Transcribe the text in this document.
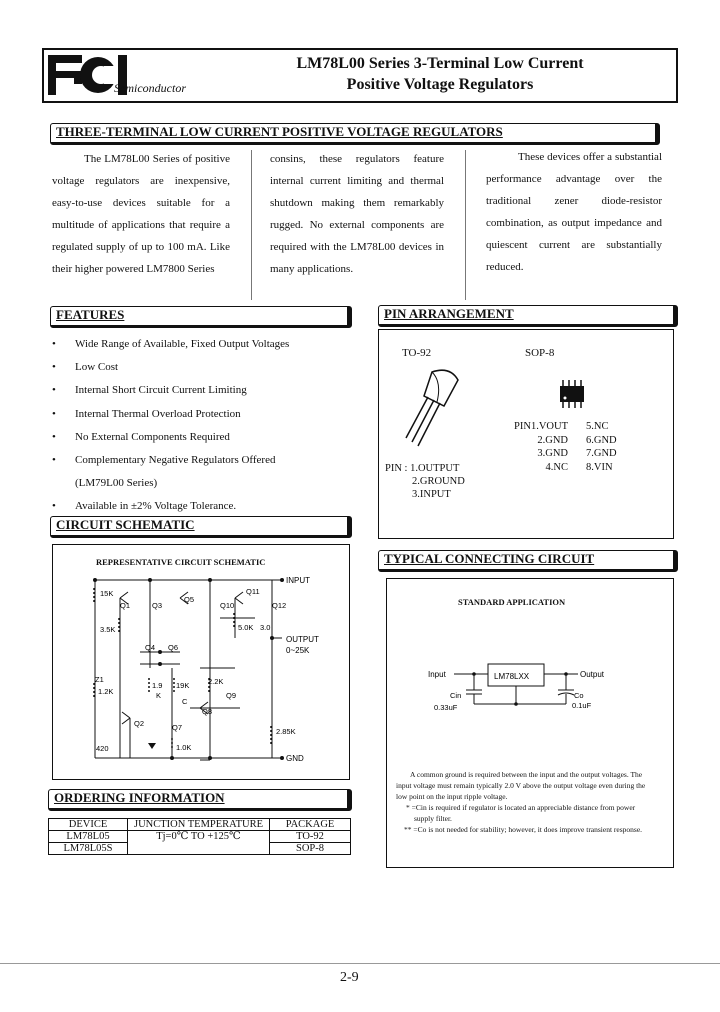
Semiconductor
LM78L00 Series 3-Terminal Low Current
Positive Voltage Regulators
THREE-TERMINAL LOW CURRENT POSITIVE VOLTAGE REGULATORS

The LM78L00 Series of positive voltage regulators are inexpensive, easy-to-use devices suitable for a multitude of applications that require a regulated supply of up to 100 mA. Like their higher powered LM7800 Series

consins, these regulators feature internal current limiting and thermal shutdown making them remarkably rugged. No external components are required with the LM78L00 devices in many applications.

These devices offer a substantial performance advantage over the traditional zener diode-resistor combination, as output impedance and quiescent current are substantially reduced.

FEATURES
• Wide Range of Available, Fixed Output Voltages
• Low Cost
• Internal Short Circuit Current Limiting
• Internal Thermal Overload Protection
• No External Components Required
• Complementary Negative Regulators Offered
(LM79L00 Series)
• Available in ±2% Voltage Tolerance.
PIN ARRANGEMENT
TO-92	SOP-8
PIN : 1.OUTPUT
2.GROUND
3.INPUT
PIN1.VOUT
2.GND
3.GND
4.NC
5.NC
6.GND
7.GND
8.VIN
CIRCUIT SCHEMATIC
REPRESENTATIVE CIRCUIT SCHEMATIC
INPUT
OUTPUT
0~25K
GND
15K
Q1
3.5K
Q3
Q5
Q10
Q11
Q12
5.0K 3.0
Q4 Q6
Z1
1.2K
1.9
K
19K 2.2K
Q9
C
Q8
Q2	Q7
420	1.0K
2.85K
TYPICAL CONNECTING CIRCUIT
STANDARD APPLICATION
Input	Output
LM78LXX
Cin
0.33uF
Co
0.1uF
A common ground is required between the input and the output voltages. The input voltage must remain typically 2.0 V above the output voltage even during the low point on the input ripple voltage.
* =Cin is required if regulator is located an appreciable distance from power supply filter.
** =Co is not needed for stability; however, it does improve transient response.
ORDERING INFORMATION
DEVICE	JUNCTION TEMPERATURE	PACKAGE
LM78L05	Tj=0℃ TO +125℃	TO-92
LM78L05S		SOP-8
2-9
